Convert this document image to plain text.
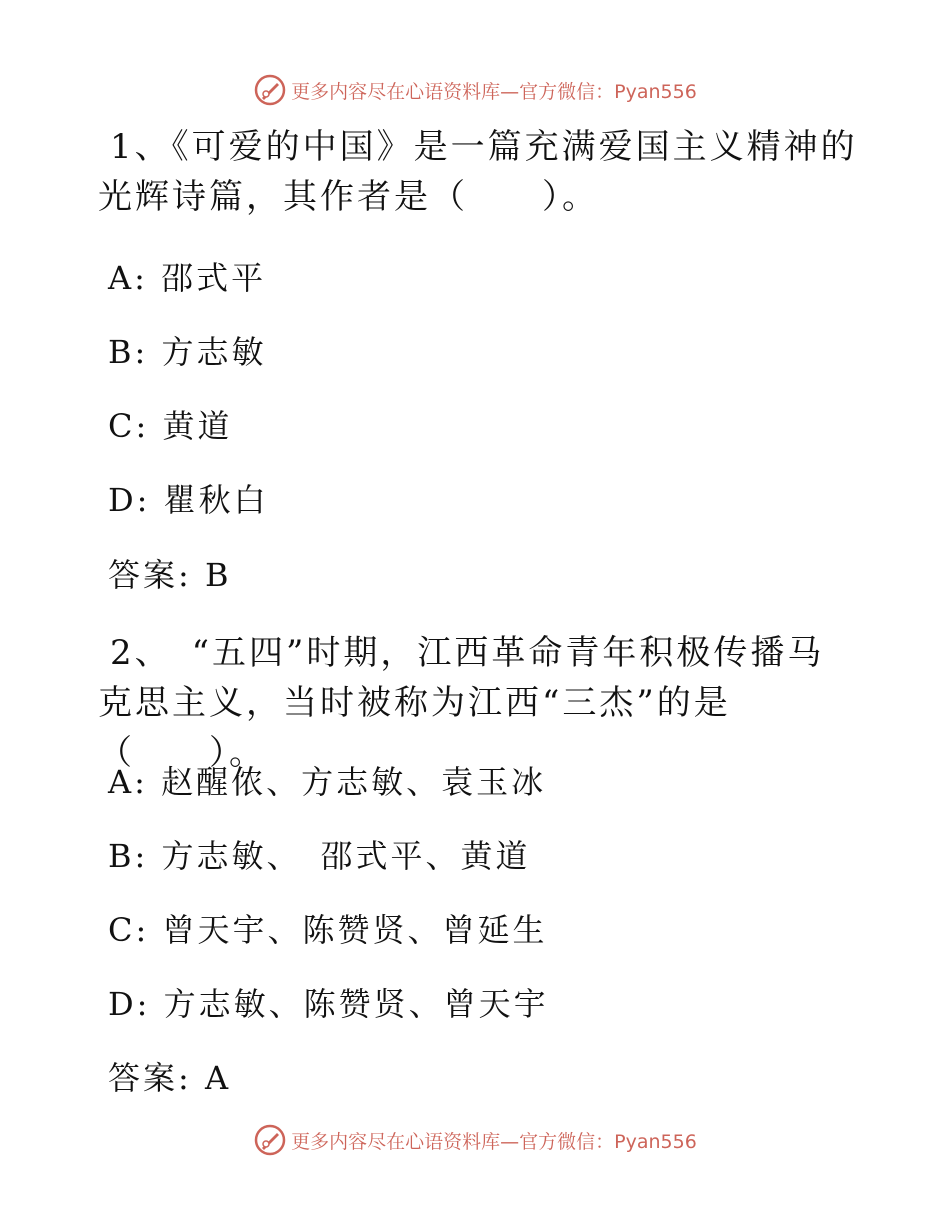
更多内容尽在心语资料库—官方微信：Pyan556
1、《可爱的中国》是一篇充满爱国主义精神的光辉诗篇，其作者是（　　）。
A: 邵式平
B: 方志敏
C: 黄道
D: 瞿秋白
答案: B
2、　“五四”时期，江西革命青年积极传播马克思主义，当时被称为江西“三杰”的是（　　）。
A: 赵醒侬、方志敏、袁玉冰
B: 方志敏、　邵式平、黄道
C: 曾天宇、陈赞贤、曾延生
D: 方志敏、陈赞贤、曾天宇
答案: A
更多内容尽在心语资料库—官方微信：Pyan556
